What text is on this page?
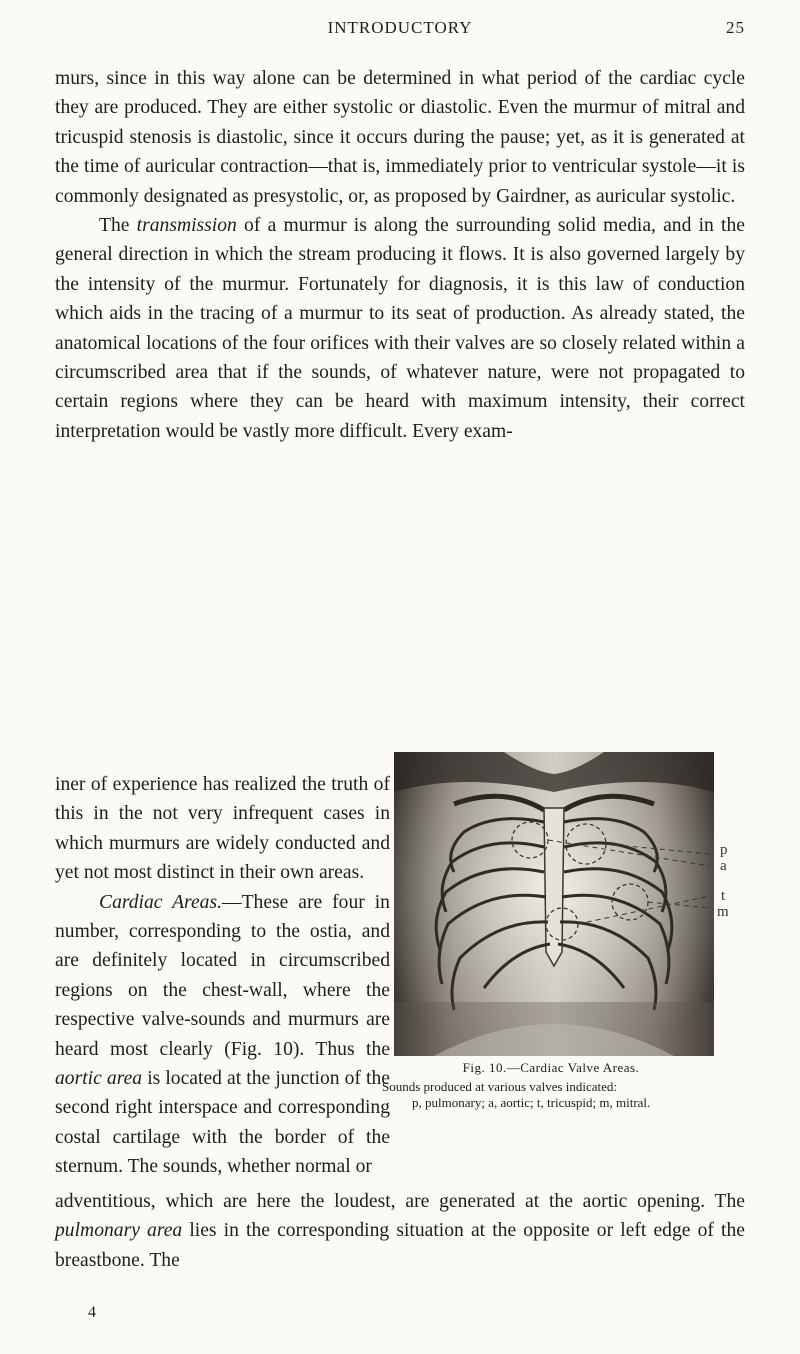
INTRODUCTORY	25

murs, since in this way alone can be determined in what period of the cardiac cycle they are produced. They are either systolic or diastolic. Even the murmur of mitral and tricuspid stenosis is diastolic, since it occurs during the pause; yet, as it is generated at the time of auricular contraction—that is, immediately prior to ventricular systole—it is commonly designated as presystolic, or, as proposed by Gairdner, as auricular systolic.

The transmission of a murmur is along the surrounding solid media, and in the general direction in which the stream producing it flows. It is also governed largely by the intensity of the murmur. Fortunately for diagnosis, it is this law of conduction which aids in the tracing of a murmur to its seat of production. As already stated, the anatomical locations of the four orifices with their valves are so closely related within a circumscribed area that if the sounds, of whatever nature, were not propagated to certain regions where they can be heard with maximum intensity, their correct interpretation would be vastly more difficult. Every exam-

iner of experience has realized the truth of this in the not very infrequent cases in which murmurs are widely conducted and yet not most distinct in their own areas.

Cardiac Areas.—These are four in number, corresponding to the ostia, and are definitely located in circumscribed regions on the chest-wall, where the respective valve-sounds and murmurs are heard most clearly (Fig. 10). Thus the aortic area is located at the junction of the second right interspace and corresponding costal cartilage with the border of the sternum. The sounds, whether normal or

adventitious, which are here the loudest, are generated at the aortic opening. The pulmonary area lies in the corresponding situation at the opposite or left edge of the breastbone. The

p
a
t
m

Fig. 10.—Cardiac Valve Areas.

Sounds produced at various valves indicated:

p, pulmonary; a, aortic; t, tricuspid; m, mitral.

4
